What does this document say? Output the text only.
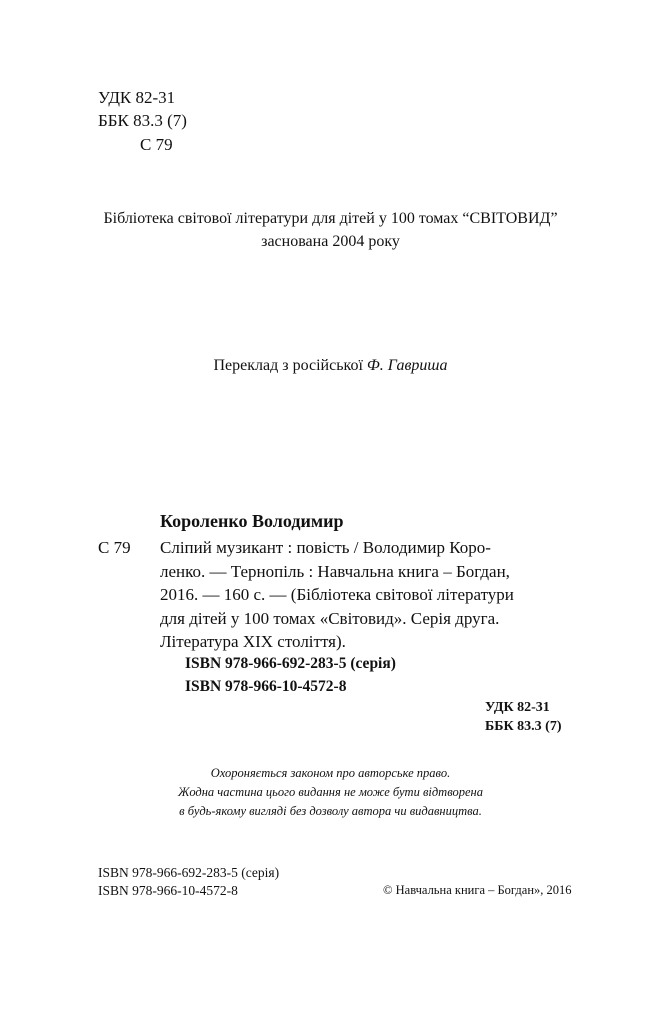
УДК 82-31
ББК 83.3 (7)
С 79
Бібліотека світової літератури для дітей у 100 томах “СВІТОВИД”
заснована 2004 року
Переклад з російської Ф. Гавриша
Короленко Володимир
С 79 Сліпий музикант : повість / Володимир Коро-
ленко. — Тернопіль : Навчальна книга – Богдан,
2016. — 160 с. — (Бібліотека світової літератури
для дітей у 100 томах «Світовид». Серія друга.
Література XIX століття).
ISBN 978-966-692-283-5 (серія)
ISBN 978-966-10-4572-8
УДК 82-31
ББК 83.3 (7)
Охороняється законом про авторське право.
Жодна частина цього видання не може бути відтворена
в будь-якому вигляді без дозволу автора чи видавництва.
ISBN 978-966-692-283-5 (серія)
ISBN 978-966-10-4572-8	© Навчальна книга – Богдан», 2016
